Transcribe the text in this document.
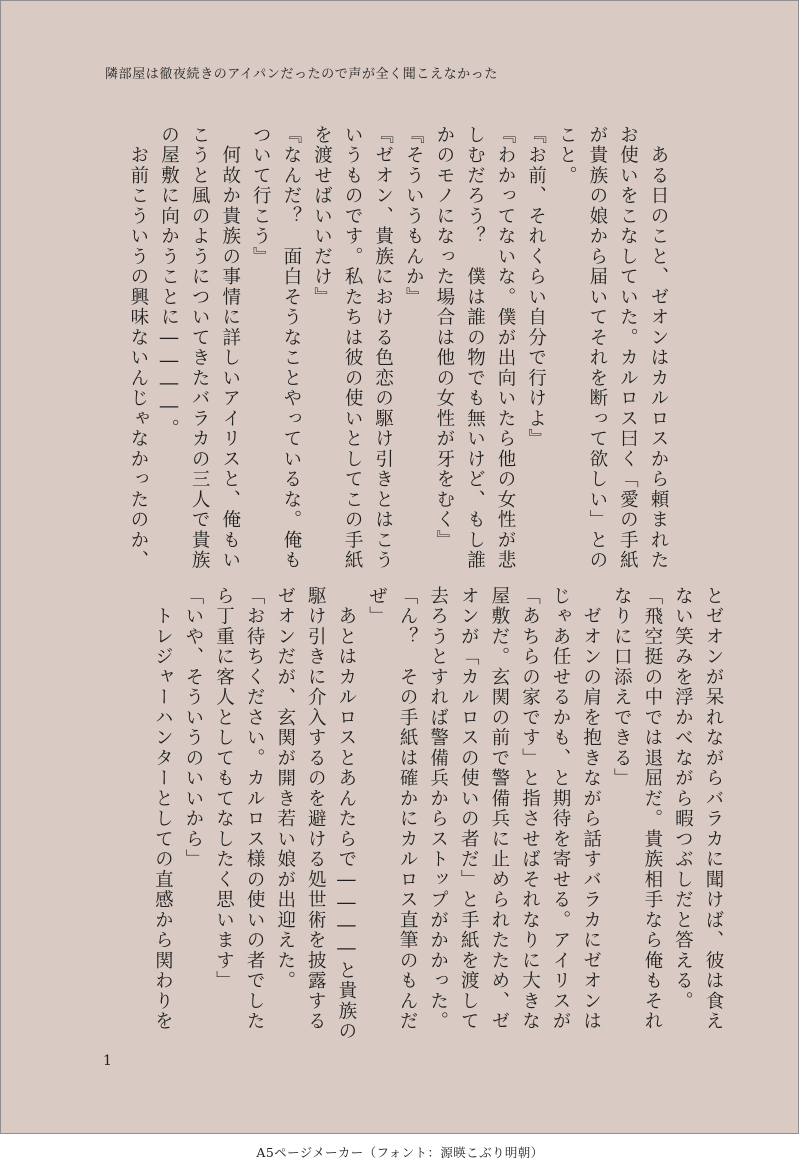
隣部屋は徹夜続きのアイパンだったので声が全く聞こえなかった

　ある日のこと、ゼオンはカルロスから頼まれた

お使いをこなしていた。カルロス曰く「愛の手紙

が貴族の娘から届いてそれを断って欲しい」との

こと。

『お前、それくらい自分で行けよ』

『わかってないな。僕が出向いたら他の女性が悲

しむだろう？　僕は誰の物でも無いけど、もし誰

かのモノになった場合は他の女性が牙をむく』

『そういうもんか』

『ゼオン、貴族における色恋の駆け引きとはこう

いうものです。私たちは彼の使いとしてこの手紙

を渡せばいいだけ』

『なんだ？　面白そうなことやっているな。俺も

ついて行こう』

　何故か貴族の事情に詳しいアイリスと、俺もい

こうと風のようについてきたバラカの三人で貴族

の屋敷に向かうことに――――。

　お前こういうの興味ないんじゃなかったのか、

とゼオンが呆れながらバラカに聞けば、彼は食え

ない笑みを浮かべながら暇つぶしだと答える。

「飛空挺の中では退屈だ。貴族相手なら俺もそれ

なりに口添えできる」

　ゼオンの肩を抱きながら話すバラカにゼオンは

じゃあ任せるかも、と期待を寄せる。アイリスが

「あちらの家です」と指させばそれなりに大きな

屋敷だ。玄関の前で警備兵に止められたため、ゼ

オンが「カルロスの使いの者だ」と手紙を渡して

去ろうとすれば警備兵からストップがかかった。

「ん？　その手紙は確かにカルロス直筆のもんだ

ぜ」

　あとはカルロスとあんたらで――――と貴族の

駆け引きに介入するのを避ける処世術を披露する

ゼオンだが、玄関が開き若い娘が出迎えた。

「お待ちください。カルロス様の使いの者でした

ら丁重に客人としてもてなしたく思います」

「いや、そういうのいいから」

　トレジャーハンターとしての直感から関わりを

1
A5ページメーカー（フォント：源暎こぶり明朝）
